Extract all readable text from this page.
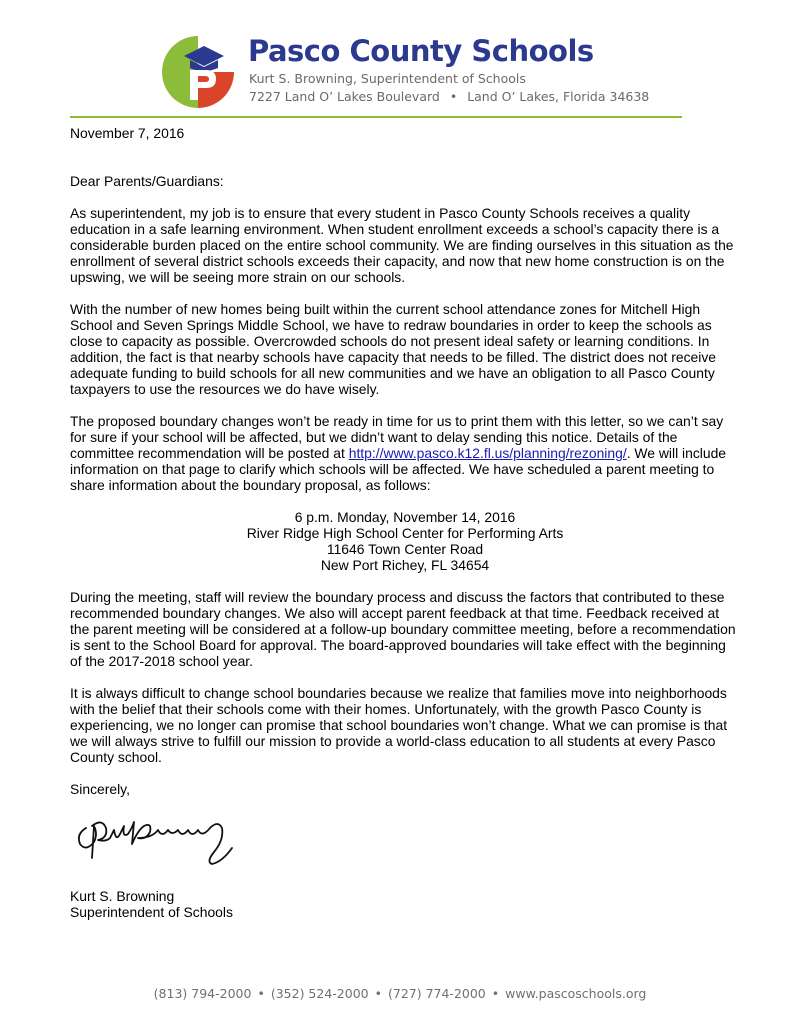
Pasco County Schools
Kurt S. Browning, Superintendent of Schools
7227 Land O’ Lakes Boulevard • Land O’ Lakes, Florida 34638

November 7, 2016

Dear Parents/Guardians:

As superintendent, my job is to ensure that every student in Pasco County Schools receives a quality education in a safe learning environment. When student enrollment exceeds a school’s capacity there is a considerable burden placed on the entire school community. We are finding ourselves in this situation as the enrollment of several district schools exceeds their capacity, and now that new home construction is on the upswing, we will be seeing more strain on our schools.

With the number of new homes being built within the current school attendance zones for Mitchell High School and Seven Springs Middle School, we have to redraw boundaries in order to keep the schools as close to capacity as possible. Overcrowded schools do not present ideal safety or learning conditions. In addition, the fact is that nearby schools have capacity that needs to be filled. The district does not receive adequate funding to build schools for all new communities and we have an obligation to all Pasco County taxpayers to use the resources we do have wisely.

The proposed boundary changes won’t be ready in time for us to print them with this letter, so we can’t say for sure if your school will be affected, but we didn’t want to delay sending this notice. Details of the committee recommendation will be posted at http://www.pasco.k12.fl.us/planning/rezoning/. We will include information on that page to clarify which schools will be affected. We have scheduled a parent meeting to share information about the boundary proposal, as follows:

6 p.m. Monday, November 14, 2016
River Ridge High School Center for Performing Arts
11646 Town Center Road
New Port Richey, FL 34654

During the meeting, staff will review the boundary process and discuss the factors that contributed to these recommended boundary changes. We also will accept parent feedback at that time. Feedback received at the parent meeting will be considered at a follow-up boundary committee meeting, before a recommendation is sent to the School Board for approval. The board-approved boundaries will take effect with the beginning of the 2017-2018 school year.

It is always difficult to change school boundaries because we realize that families move into neighborhoods with the belief that their schools come with their homes. Unfortunately, with the growth Pasco County is experiencing, we no longer can promise that school boundaries won’t change. What we can promise is that we will always strive to fulfill our mission to provide a world-class education to all students at every Pasco County school.

Sincerely,

Kurt S. Browning
Superintendent of Schools
(813) 794-2000 • (352) 524-2000 • (727) 774-2000 • www.pascoschools.org
